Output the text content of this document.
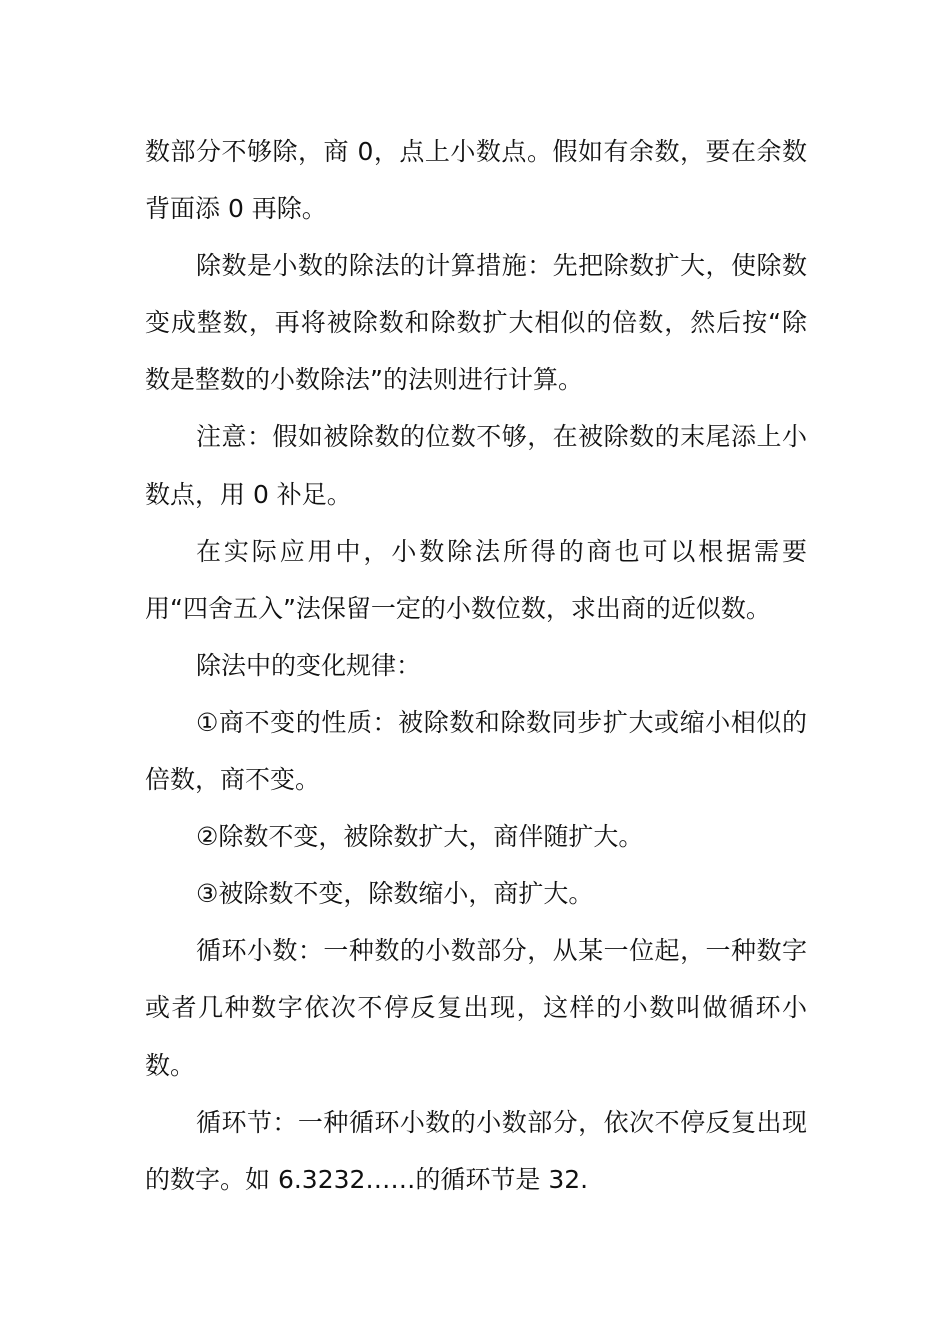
数部分不够除，商 0，点上小数点。假如有余数，要在余数背面添 0 再除。

除数是小数的除法的计算措施：先把除数扩大，使除数变成整数，再将被除数和除数扩大相似的倍数，然后按“除数是整数的小数除法”的法则进行计算。

注意：假如被除数的位数不够，在被除数的末尾添上小数点，用 0 补足。

在实际应用中，小数除法所得的商也可以根据需要用“四舍五入”法保留一定的小数位数，求出商的近似数。

除法中的变化规律：

①商不变的性质：被除数和除数同步扩大或缩小相似的倍数，商不变。

②除数不变，被除数扩大，商伴随扩大。

③被除数不变，除数缩小，商扩大。

循环小数：一种数的小数部分，从某一位起，一种数字或者几种数字依次不停反复出现，这样的小数叫做循环小数。

循环节：一种循环小数的小数部分，依次不停反复出现的数字。如 6.3232……的循环节是 32.
